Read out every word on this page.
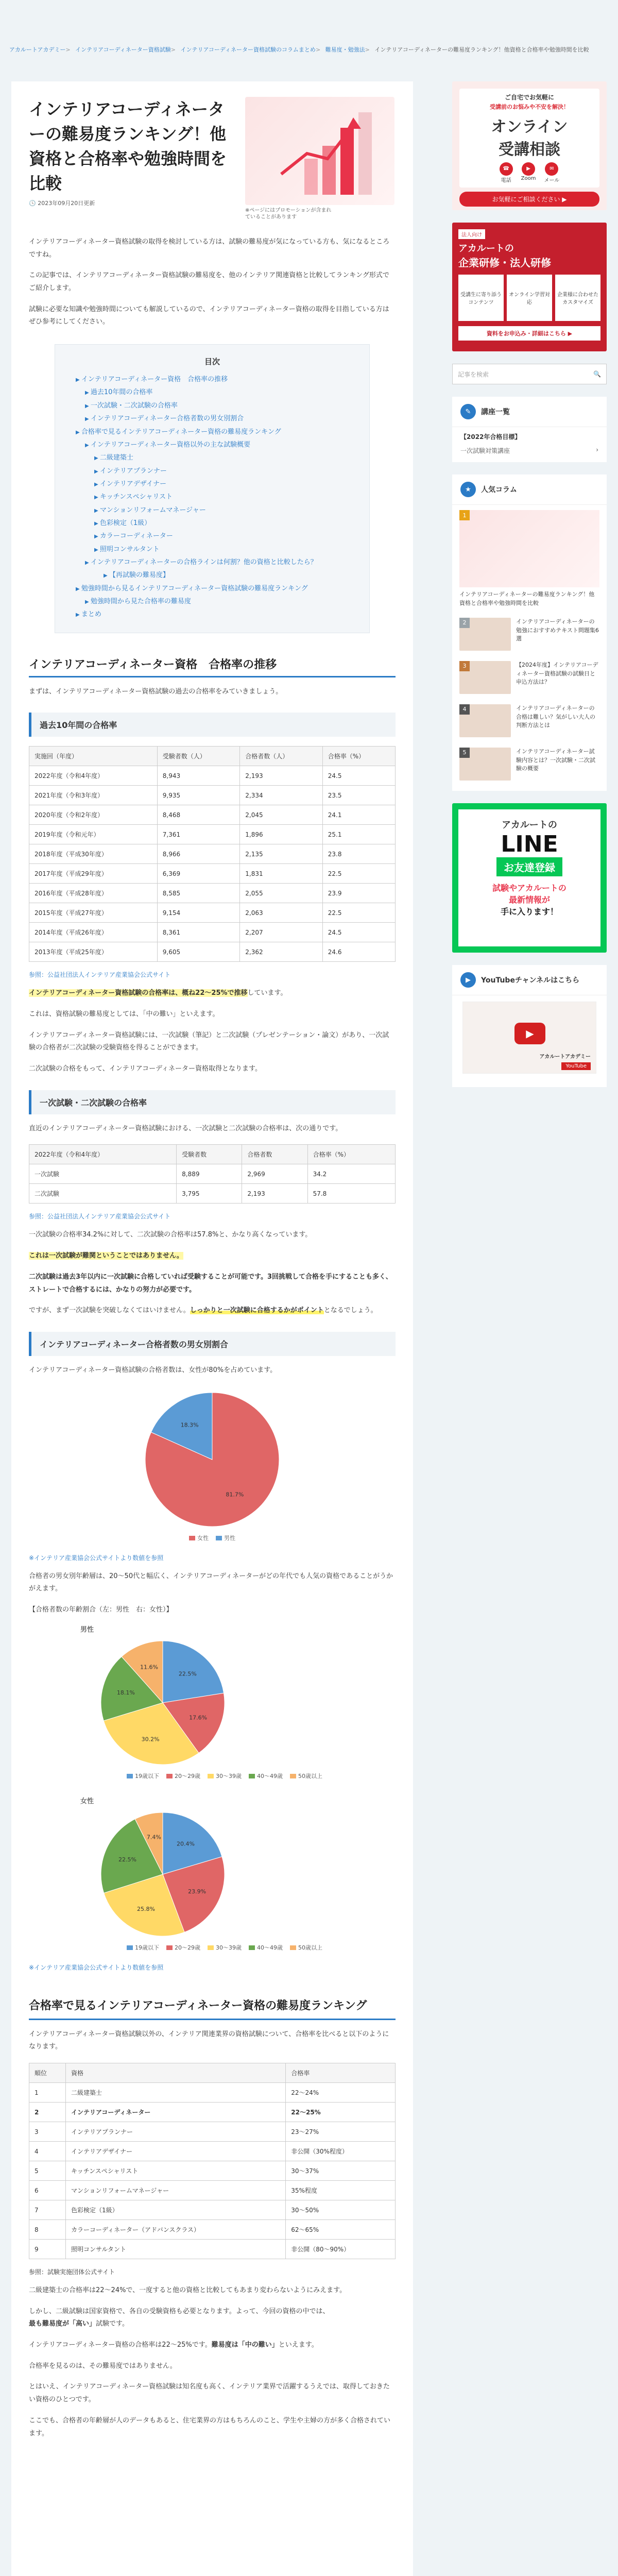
アカルートアカデミー> インテリアコーディネーター資格試験> インテリアコーディネーター資格試験のコラムまとめ> 難易度・勉強法> インテリアコーディネーターの難易度ランキング！他資格と合格率や勉強時間を比較
インテリアコーディネーターの難易度ランキング！他資格と合格率や勉強時間を比較
🕓 2023年09月20日更新
※ページにはプロモーションが含まれていることがあります

インテリアコーディネーター資格試験の取得を検討している方は、試験の難易度が気になっている方も、気になるところですね。

この記事では、インテリアコーディネーター資格試験の難易度を、他のインテリア関連資格と比較してランキング形式でご紹介します。

試験に必要な知識や勉強時間についても解説しているので、インテリアコーディネーター資格の取得を目指している方はぜひ参考にしてください。

目次
▶ インテリアコーディネーター資格　合格率の推移
▶ 過去10年間の合格率
▶ 一次試験・二次試験の合格率
▶ インテリアコーディネーター合格者数の男女別割合
▶ 合格率で見るインテリアコーディネーター資格の難易度ランキング
▶ インテリアコーディネーター資格以外の主な試験概要
▶ 二級建築士
▶ インテリアプランナー
▶ インテリアデザイナー
▶ キッチンスペシャリスト
▶ マンションリフォームマネージャー
▶ 色彩検定（1級）
▶ カラーコーディネーター
▶ 照明コンサルタント
▶ インテリアコーディネーターの合格ラインは何割？他の資格と比較したら？
▶ 【再試験の難易度】
▶ 勉強時間から見るインテリアコーディネーター資格試験の難易度ランキング
▶ 勉強時間から見た合格率の難易度
▶ まとめ
インテリアコーディネーター資格　合格率の推移

まずは、インテリアコーディネーター資格試験の過去の合格率をみていきましょう。

過去10年間の合格率
実施回（年度）	受験者数（人）	合格者数（人）	合格率（%）
2022年度（令和4年度）	8,943	2,193	24.5
2021年度（令和3年度）	9,935	2,334	23.5
2020年度（令和2年度）	8,468	2,045	24.1
2019年度（令和元年）	7,361	1,896	25.1
2018年度（平成30年度）	8,966	2,135	23.8
2017年度（平成29年度）	6,369	1,831	22.5
2016年度（平成28年度）	8,585	2,055	23.9
2015年度（平成27年度）	9,154	2,063	22.5
2014年度（平成26年度）	8,361	2,207	24.5
2013年度（平成25年度）	9,605	2,362	24.6

参照：公益社団法人インテリア産業協会公式サイト

インテリアコーディネーター資格試験の合格率は、概ね22〜25%で推移しています。

これは、資格試験の難易度としては、「中の難い」といえます。

インテリアコーディネーター資格試験には、一次試験（筆記）と二次試験（プレゼンテーション・論文）があり、一次試験の合格者が二次試験の受験資格を得ることができます。

二次試験の合格をもって、インテリアコーディネーター資格取得となります。

一次試験・二次試験の合格率

直近のインテリアコーディネーター資格試験における、一次試験と二次試験の合格率は、次の通りです。

2022年度（令和4年度）	受験者数	合格者数	合格率（%）
一次試験	8,889	2,969	34.2
二次試験	3,795	2,193	57.8

参照：公益社団法人インテリア産業協会公式サイト

一次試験の合格率34.2%に対して、二次試験の合格率は57.8%と、かなり高くなっています。

これは一次試験が難関ということではありません。

二次試験は過去3年以内に一次試験に合格していれば受験することが可能です。3回挑戦して合格を手にすることも多く、ストレートで合格するには、かなりの努力が必要です。

ですが、まず一次試験を突破しなくてはいけません。しっかりと一次試験に合格するかがポイントとなるでしょう。

インテリアコーディネーター合格者数の男女別割合

インテリアコーディネーター資格試験の合格者数は、女性が80%を占めています。

81.7%
18.3%
女性	男性

※インテリア産業協会公式サイトより数値を参照

合格者の男女別年齢層は、20〜50代と幅広く、インテリアコーディネーターがどの年代でも人気の資格であることがうかがえます。

【合格者数の年齢割合（左：男性　右：女性）】

男性
22.5%
17.6%
30.2%
18.1%
11.6%
19歳以下	20〜29歳	30〜39歳	40〜49歳	50歳以上
女性
20.4%
23.9%
25.8%
22.5%
7.4%
19歳以下	20〜29歳	30〜39歳	40〜49歳	50歳以上

※インテリア産業協会公式サイトより数値を参照

合格率で見るインテリアコーディネーター資格の難易度ランキング

インテリアコーディネーター資格試験以外の、インテリア関連業界の資格試験について、合格率を比べると以下のようになります。

順位	資格	合格率
1	二級建築士	22〜24%
2	インテリアコーディネーター	22〜25%
3	インテリアプランナー	23〜27%
4	インテリアデザイナー	非公開（30%程度）
5	キッチンスペシャリスト	30〜37%
6	マンションリフォームマネージャー	35%程度
7	色彩検定（1級）	30〜50%
8	カラーコーディネーター（アドバンスクラス）	62〜65%
9	照明コンサルタント	非公開（80〜90%）

参照：試験実施団体公式サイト

二級建築士の合格率は22〜24%で、一度すると他の資格と比較してもあまり変わらないようにみえます。

しかし、二級試験は国家資格で、各自の受験資格も必要となります。よって、今回の資格の中では、最も難易度が「高い」試験です。

インテリアコーディネーター資格の合格率は22〜25%です。難易度は「中の難い」といえます。

合格率を見るのは、その難易度ではありません。

とはいえ、インテリアコーディネーター資格試験は知名度も高く、インテリア業界で活躍するうえでは、取得しておきたい資格のひとつです。

ここでも、合格者の年齢層が人のデータもあると、住宅業界の方はもちろんのこと、学生や主婦の方が多く合格されています。

ご自宅でお気軽に
受講前のお悩みや不安を解決！
オンライン
受講相談
☎
電話
▶
Zoom
✉
メール
お気軽にご相談ください ▶
法人向け
アカルートの
企業研修・法人研修
受講生に寄り添うコンテンツ
オンライン学習対応
企業様に合わせたカスタマイズ
資料をお申込み・詳細はこちら ▶
記事を検索	🔍
✎	講座一覧
【2022年合格目標】
一次試験対策講座	›
★	人気コラム
1
インテリアコーディネーターの難易度ランキング！他資格と合格率や勉強時間を比較
2	インテリアコーディネーターの勉強におすすめテキスト問題集6選
3	【2024年度】インテリアコーディネーター資格試験の試験日と申込方法は？
4	インテリアコーディネーターの合格は難しい？気がしい大人の判断方法とは
5	インテリアコーディネーター試験内容とは？一次試験・二次試験の概要
アカルートの
LINE
お友達登録
試験やアカルートの
最新情報が
手に入ります！
▶	YouTubeチャンネルはこちら
▶
アカルートアカデミー
YouTube
